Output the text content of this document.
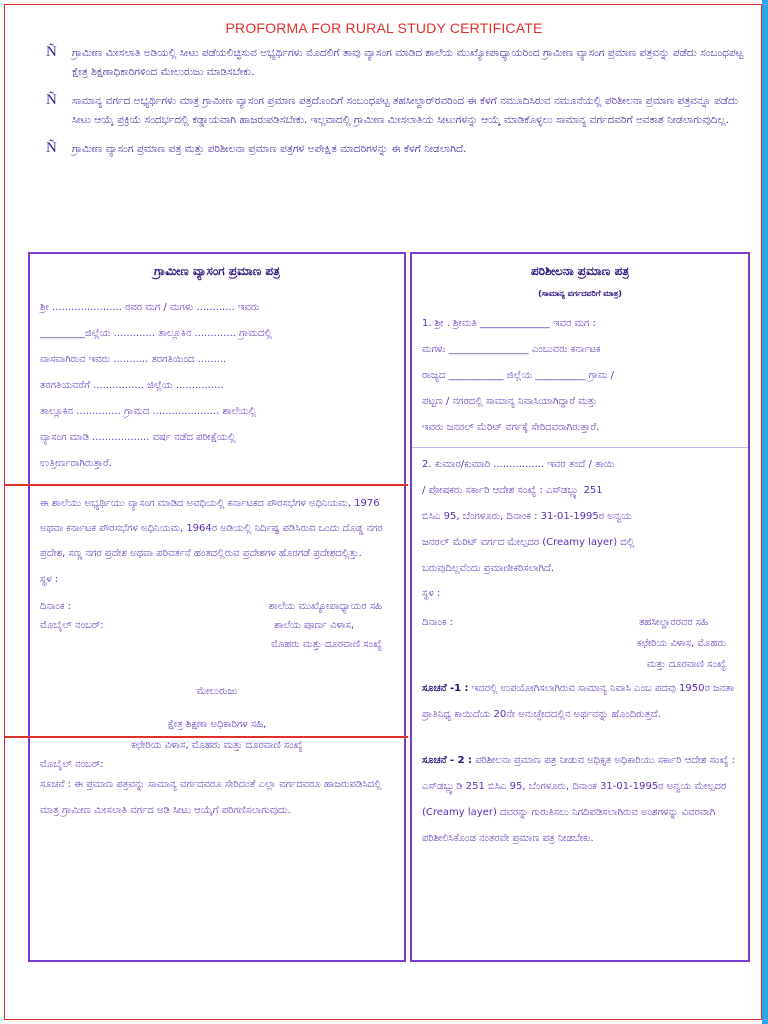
PROFORMA FOR RURAL STUDY CERTIFICATE
Ñ ಗ್ರಾಮೀಣ ಮೀಸಲಾತಿ ಅಡಿಯಲ್ಲಿ ಸೀಟು ಪಡೆಯಲಿಚ್ಛಿಸುವ ಅಭ್ಯರ್ಥಿಗಳು ಮೊದಲಿಗೆ ತಾವು ವ್ಯಾಸಂಗ ಮಾಡಿದ ಶಾಲೆಯ ಮುಖ್ಯೋಪಾಧ್ಯಾಯರಿಂದ ಗ್ರಾಮೀಣ ವ್ಯಾಸಂಗ ಪ್ರಮಾಣ ಪತ್ರವನ್ನು ಪಡೆದು ಸಂಬಂಧಪಟ್ಟ ಕ್ಷೇತ್ರ ಶಿಕ್ಷಣಾಧಿಕಾರಿಗಳಿಂದ ಮೇಲುರುಜು ಮಾಡಿಸಬೇಕು.
Ñ ಸಾಮಾನ್ಯ ವರ್ಗದ ಅಭ್ಯರ್ಥಿಗಳು ಮಾತ್ರ ಗ್ರಾಮೀಣ ವ್ಯಾಸಂಗ ಪ್ರಮಾಣ ಪತ್ರದೊಂದಿಗೆ ಸಂಬಂಧಪಟ್ಟ ತಹಸೀಲ್ದಾರ್‌ರವರಿಂದ ಈ ಕೆಳಗೆ ನಮೂದಿಸಿರುವ ನಮೂನೆಯಲ್ಲಿ ಪರಿಶೀಲನಾ ಪ್ರಮಾಣ ಪತ್ರವನ್ನೂ ಪಡೆದು ಸೀಟು ಆಯ್ಕೆ ಪ್ರಕ್ರಿಯೆ ಸಂದರ್ಭದಲ್ಲಿ ಕಡ್ಡಾಯವಾಗಿ ಹಾಜರುಪಡಿಸಬೇಕು. ಇಲ್ಲವಾದಲ್ಲಿ ಗ್ರಾಮೀಣ ಮೀಸಲಾತಿಯ ಸೀಟುಗಳನ್ನು ಆಯ್ಕೆ ಮಾಡಿಕೊಳ್ಳಲು ಸಾಮಾನ್ಯ ವರ್ಗದವರಿಗೆ ಅವಕಾಶ ನೀಡಲಾಗುವುದಿಲ್ಲ.
Ñ ಗ್ರಾಮೀಣ ವ್ಯಾಸಂಗ ಪ್ರಮಾಣ ಪತ್ರ ಮತ್ತು ಪರಿಶೀಲನಾ ಪ್ರಮಾಣ ಪತ್ರಗಳ ಅಪೇಕ್ಷಿತ ಮಾದರಿಗಳನ್ನು ಈ ಕೆಳಗೆ ನೀಡಲಾಗಿದೆ.
ಗ್ರಾಮೀಣ ವ್ಯಾಸಂಗ ಪ್ರಮಾಣ ಪತ್ರ
ಶ್ರೀ ...................... ರವರ ಮಗ / ಮಗಳು ............ ಇವರು
_________ಜಿಲ್ಲೆಯ ............. ತಾಲ್ಲೂಕಿನ ............. ಗ್ರಾಮದಲ್ಲಿ
ವಾಸವಾಗಿರುವ ಇವರು ........... ತರಗತಿಯಿಂದ .........
ತರಗತಿಯವರೆಗೆ ................ ಜಿಲ್ಲೆಯ ...............
ತಾಲ್ಲೂಕಿನ .............. ಗ್ರಾಮದ ..................... ಶಾಲೆಯಲ್ಲಿ
ವ್ಯಾಸಂಗ ಮಾಡಿ .................. ವರ್ಷ ನಡೆದ ಪರೀಕ್ಷೆಯಲ್ಲಿ
ಉತ್ತೀರ್ಣರಾಗಿರುತ್ತಾರೆ.
ಈ ಶಾಲೆಯು ಅಭ್ಯರ್ಥಿಯು ವ್ಯಾಸಂಗ ಮಾಡಿದ ಅವಧಿಯಲ್ಲಿ ಕರ್ನಾಟಕದ ಪೌರಸಭೆಗಳ ಅಧಿನಿಯಮ, 1976 ಅಥವಾ ಕರ್ನಾಟಕ ಪೌರಸಭೆಗಳ ಅಧಿನಿಯಮ, 1964ರ ಅಡಿಯಲ್ಲಿ ನಿರ್ದಿಷ್ಟ ಪಡಿಸಿರುವ ಒಂದು ದೊಡ್ಡ ನಗರ ಪ್ರದೇಶ, ಸಣ್ಣ ನಗರ ಪ್ರದೇಶ ಅಥವಾ ಪರಿವರ್ತನೆ ಹಂತದಲ್ಲಿರುವ ಪ್ರದೇಶಗಳ ಹೊರಗಡೆ ಪ್ರದೇಶದಲ್ಲಿತ್ತು.
ಸ್ಥಳ :
ದಿನಾಂಕ :	ಶಾಲೆಯ ಮುಖ್ಯೋಪಾಧ್ಯಾಯರ ಸಹಿ
ಮೊಬೈಲ್ ನಂಬರ್:	ಶಾಲೆಯ ಪೂರ್ಣ ವಿಳಾಸ,
ಮೊಹರು ಮತ್ತು ದೂರವಾಣಿ ಸಂಖ್ಯೆ
ಮೇಲುರುಜು
ಕ್ಷೇತ್ರ ಶಿಕ್ಷಣಾ ಅಧಿಕಾರಿಗಳ ಸಹಿ,
ಕಛೇರಿಯ ವಿಳಾಸ, ಮೊಹರು ಮತ್ತು ದೂರವಾಣಿ ಸಂಖ್ಯೆ
ಮೊಬೈಲ್ ನಂಬರ್:
ಸೂಚನೆ : ಈ ಪ್ರಮಾಣ ಪತ್ರವನ್ನು ಸಾಮಾನ್ಯ ವರ್ಗದವರೂ ಸೇರಿದಂತೆ ಎಲ್ಲಾ ವರ್ಗದವರೂ ಹಾಜರುಪಡಿಸಿದಲ್ಲಿ ಮಾತ್ರ ಗ್ರಾಮೀಣ ಮೀಸಲಾತಿ ವರ್ಗದ ಅಡಿ ಸೀಟು ಆಯ್ಕೆಗೆ ಪರಿಗಣಿಸಲಾಗುವುದು.
ಪರಿಶೀಲನಾ ಪ್ರಮಾಣ ಪತ್ರ
(ಸಾಮಾನ್ಯ ವರ್ಗದವರಿಗೆ ಮಾತ್ರ)
1. ಶ್ರೀ . ಶ್ರೀಮತಿ ______________ ಇವರ ಮಗ :
ಮಗಳು ________________ ಎಂಬುವರು ಕರ್ನಾಟಕ
ರಾಜ್ಯದ ___________ ಜಿಲ್ಲೆಯ __________ ಗ್ರಾಮ /
ಪಟ್ಟಣ / ನಗರದಲ್ಲಿ ಸಾಮಾನ್ಯ ನಿವಾಸಿಯಾಗಿದ್ದಾರೆ ಮತ್ತು
ಇವರು ಜನರಲ್ ಮೆರಿಟ್ ವರ್ಗಕ್ಕೆ ಸೇರಿದವರಾಗಿರುತ್ತಾರೆ.
2. ಕುಮಾರ/ಕುಮಾರಿ ................ ಇವರ ತಂದೆ / ತಾಯಿ
/ ಪೋಷಕರು ಸರ್ಕಾರಿ ಆದೇಶ ಸಂಖ್ಯೆ : ಎಸ್‌ಡಬ್ಲ್ಯು 251
ಬಿಸಿಎ 95, ಬೆಂಗಳೂರು, ದಿನಾಂಕ : 31-01-1995ರ ಅನ್ವಯ
ಜನರಲ್ ಮೆರಿಟ್ ವರ್ಗದ ಮೇಲ್ಪದರ (Creamy layer) ದಲ್ಲಿ
ಬರುವುದಿಲ್ಲವೆಂದು ಪ್ರಮಾಣೀಕರಿಸಲಾಗಿದೆ.
ಸ್ಥಳ :
ದಿನಾಂಕ :	ತಹಸೀಲ್ದಾರರವರ ಸಹಿ
ಕಛೇರಿಯ ವಿಳಾಸ, ಮೊಹರು
ಮತ್ತು ದೂರವಾಣಿ ಸಂಖ್ಯೆ
ಸೂಚನೆ -1 : ಇದರಲ್ಲಿ ಉಪಯೋಗಿಸಲಾಗಿರುವ ಸಾಮಾನ್ಯ ನಿವಾಸಿ ಎಂಬ ಪದವು 1950ರ ಜನತಾ ಪ್ರಾತಿನಿಧ್ಯ ಕಾಯಿದೆಯ 20ನೇ ಅನುಚ್ಛೇದದಲ್ಲಿನ ಅರ್ಥವನ್ನು ಹೊಂದಿರುತ್ತದೆ.
ಸೂಚನೆ - 2 : ಪರಿಶೀಲನಾ ಪ್ರಮಾಣ ಪತ್ರ ನೀಡುವ ಅಧಿಕೃತ ಅಧಿಕಾರಿಯು ಸರ್ಕಾರಿ ಆದೇಶ ಸಂಖ್ಯೆ : ಎಸ್‌ಡಬ್ಲ್ಯುಡಿ 251 ಬಿಸಿಎ 95, ಬೆಂಗಳೂರು, ದಿನಾಂಕ 31-01-1995ರ ಅನ್ವಯ ಮೇಲ್ಪದರ (Creamy layer) ದವರನ್ನು ಗುರುತಿಸಲು ನಿಗದಿಪಡಿಸಲಾಗಿರುವ ಅಂಶಗಳನ್ನು ವಿವರವಾಗಿ ಪರಿಶೀಲಿಸಿಕೊಂಡ ನಂತರವೇ ಪ್ರಮಾಣ ಪತ್ರ ನೀಡಬೇಕು.
